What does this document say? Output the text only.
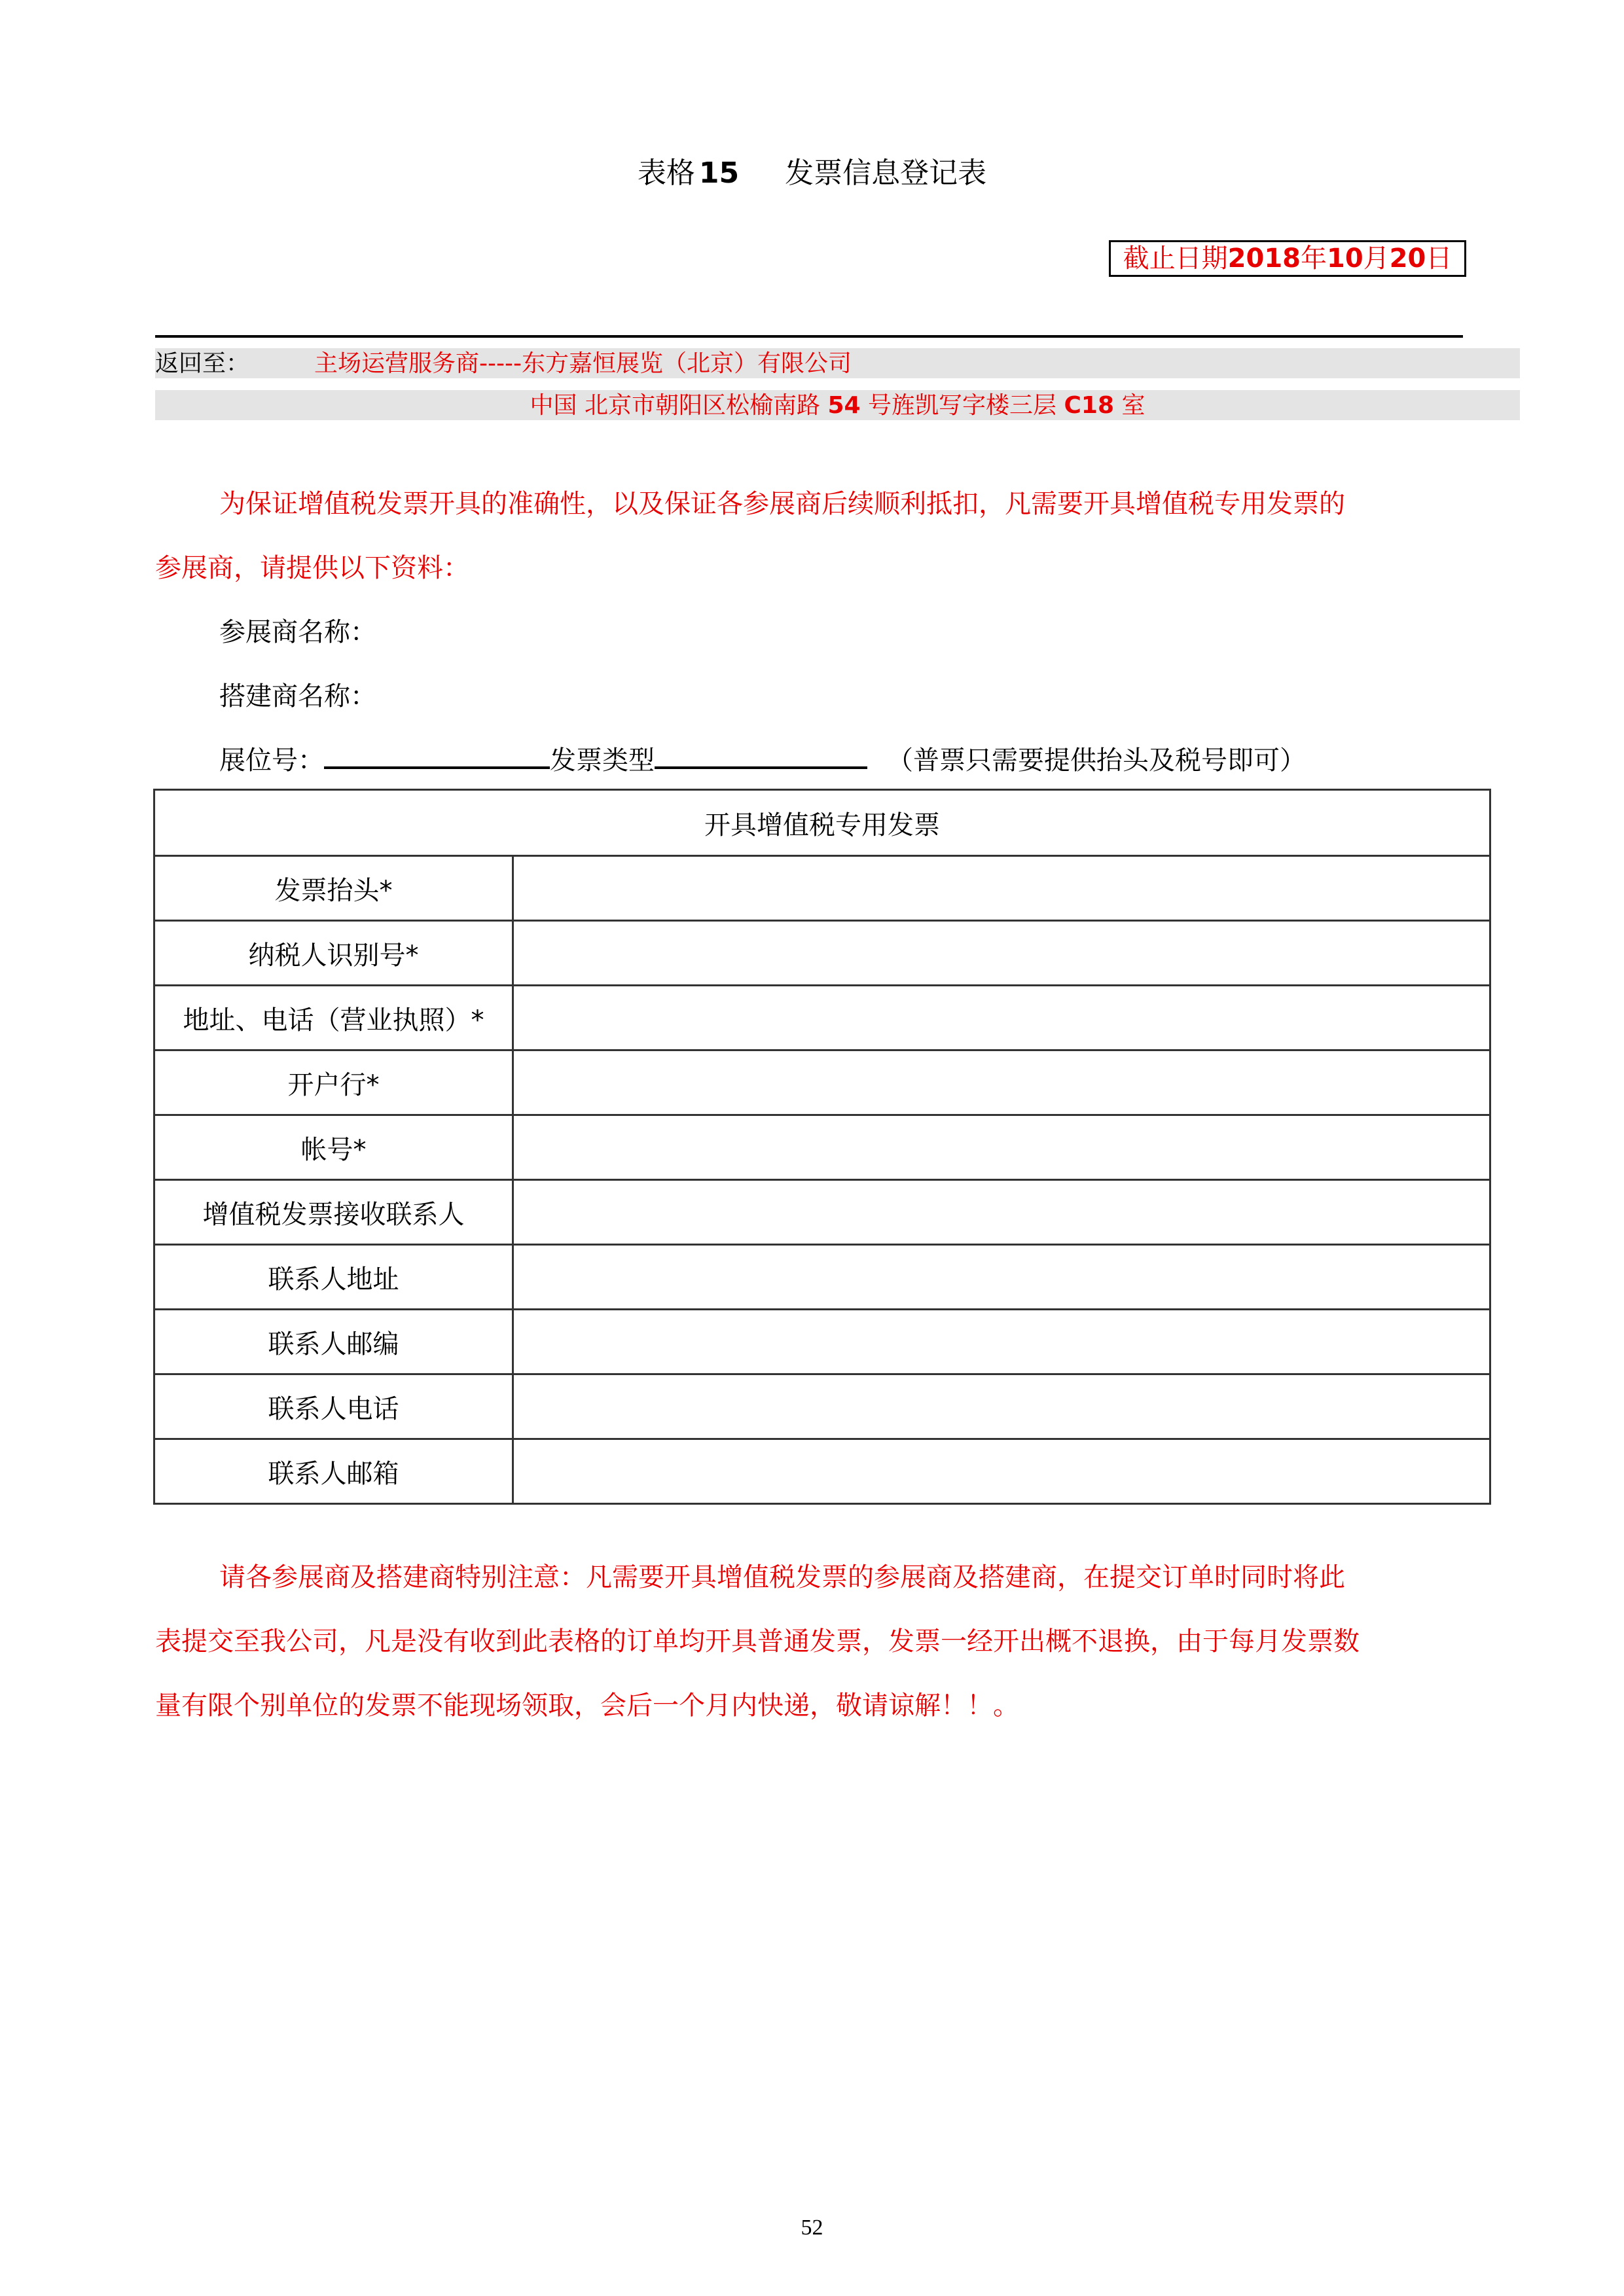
表格 15 发票信息登记表
截止日期2018年10月20日
返回至：	主场运营服务商-----东方嘉恒展览（北京）有限公司
中国 北京市朝阳区松榆南路 54 号旌凯写字楼三层 C18 室
为保证增值税发票开具的准确性，以及保证各参展商后续顺利抵扣，凡需要开具增值税专用发票的
参展商，请提供以下资料：
参展商名称：
搭建商名称：
展位号：	发票类型	（普票只需要提供抬头及税号即可）
开具增值税专用发票	
发票抬头*	
纳税人识别号*	
地址、电话（营业执照）*	
开户行*	
帐号*	
增值税发票接收联系人	
联系人地址	
联系人邮编	
联系人电话	
联系人邮箱	
请各参展商及搭建商特别注意：凡需要开具增值税发票的参展商及搭建商，在提交订单时同时将此
表提交至我公司，凡是没有收到此表格的订单均开具普通发票，发票一经开出概不退换，由于每月发票数
量有限个别单位的发票不能现场领取，会后一个月内快递，敬请谅解！！。
52
